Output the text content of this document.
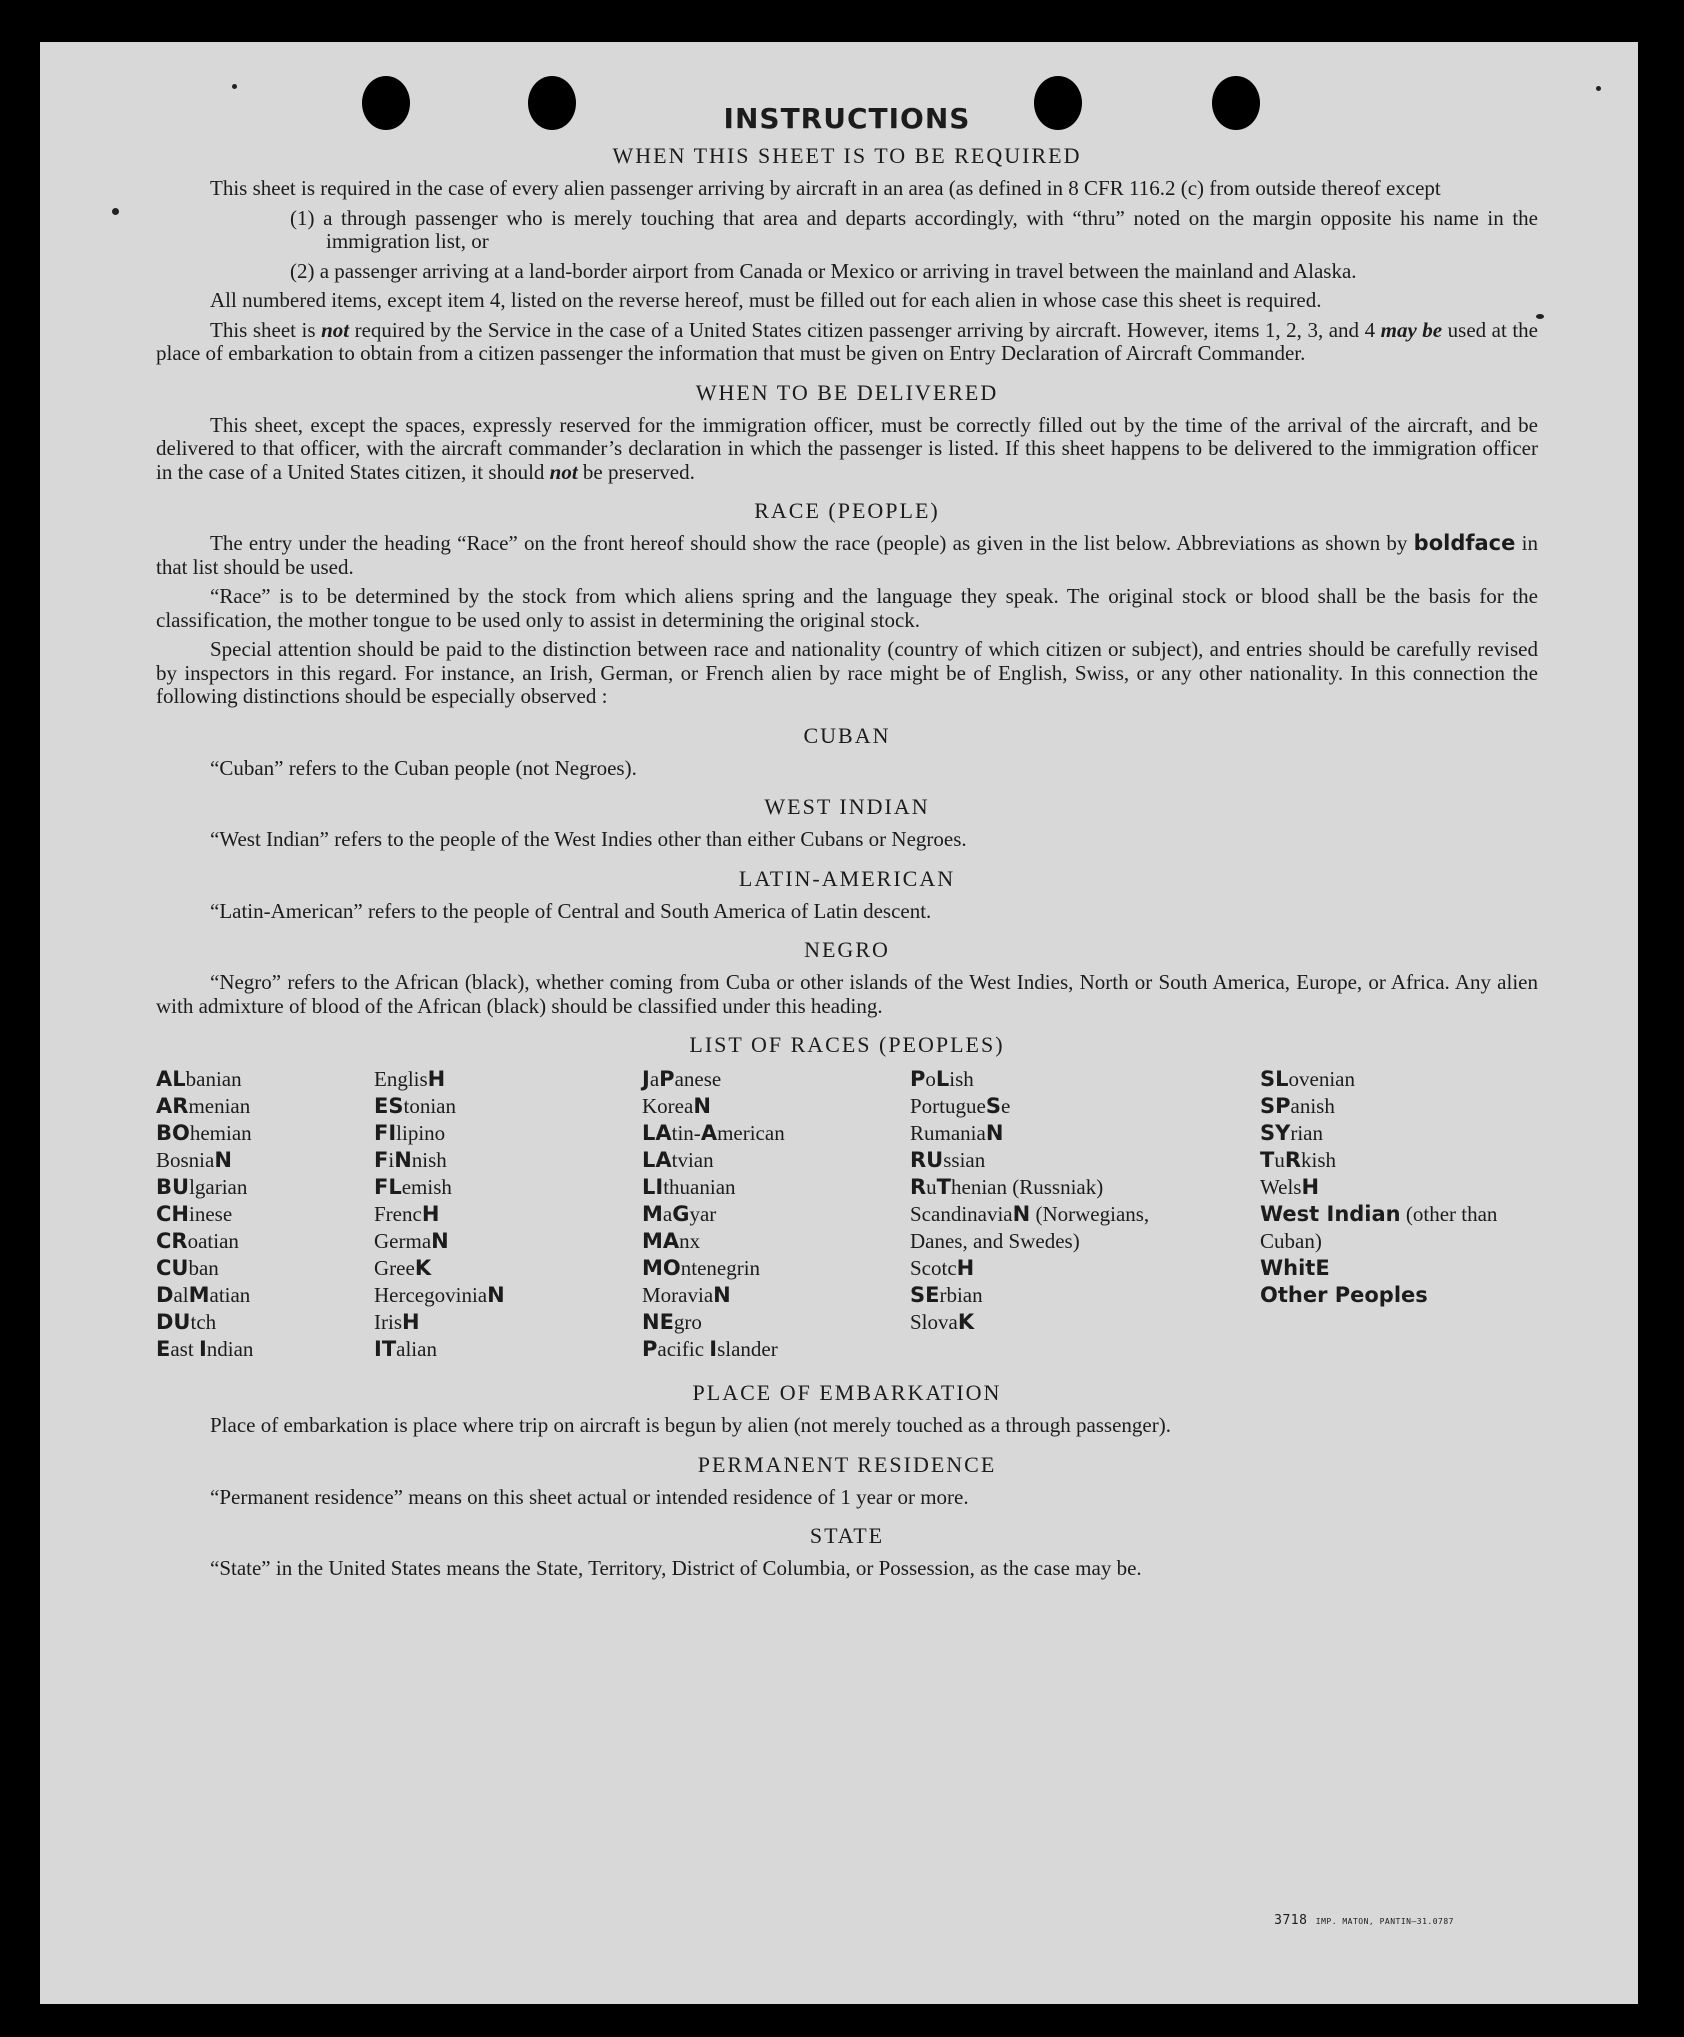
INSTRUCTIONS
WHEN THIS SHEET IS TO BE REQUIRED

This sheet is required in the case of every alien passenger arriving by aircraft in an area (as defined in 8 CFR 116.2 (c) from outside thereof except

(1) a through passenger who is merely touching that area and departs accordingly, with “thru” noted on the margin opposite his name in the immigration list, or
(2) a passenger arriving at a land-border airport from Canada or Mexico or arriving in travel between the mainland and Alaska.

All numbered items, except item 4, listed on the reverse hereof, must be filled out for each alien in whose case this sheet is required.

This sheet is not required by the Service in the case of a United States citizen passenger arriving by aircraft. However, items 1, 2, 3, and 4 may be used at the place of embarkation to obtain from a citizen passenger the information that must be given on Entry Declaration of Aircraft Commander.

WHEN TO BE DELIVERED

This sheet, except the spaces, expressly reserved for the immigration officer, must be correctly filled out by the time of the arrival of the aircraft, and be delivered to that officer, with the aircraft commander’s declaration in which the passenger is listed. If this sheet happens to be delivered to the immigration officer in the case of a United States citizen, it should not be preserved.

RACE (PEOPLE)

The entry under the heading “Race” on the front hereof should show the race (people) as given in the list below. Abbreviations as shown by boldface in that list should be used.

“Race” is to be determined by the stock from which aliens spring and the language they speak. The original stock or blood shall be the basis for the classification, the mother tongue to be used only to assist in determining the original stock.

Special attention should be paid to the distinction between race and nationality (country of which citizen or subject), and entries should be carefully revised by inspectors in this regard. For instance, an Irish, German, or French alien by race might be of English, Swiss, or any other nationality. In this connection the following distinctions should be especially observed :

CUBAN

“Cuban” refers to the Cuban people (not Negroes).

WEST INDIAN

“West Indian” refers to the people of the West Indies other than either Cubans or Negroes.

LATIN-AMERICAN

“Latin-American” refers to the people of Central and South America of Latin descent.

NEGRO

“Negro” refers to the African (black), whether coming from Cuba or other islands of the West Indies, North or South America, Europe, or Africa. Any alien with admixture of blood of the African (black) should be classified under this heading.

LIST OF RACES (PEOPLES)
ALbanian
ARmenian
BOhemian
BosniaN
BUlgarian
CHinese
CRoatian
CUban
DalMatian
DUtch
East Indian
EnglisH
EStonian
FIlipino
FiNnish
FLemish
FrencH
GermaN
GreeK
HercegoviniaN
IrisH
ITalian
JaPanese
KoreaN
LAtin-American
LAtvian
LIthuanian
MaGyar
MAnx
MOntenegrin
MoraviaN
NEgro
Pacific Islander
PoLish
PortugueSe
RumaniaN
RUssian
RuThenian (Russniak)
ScandinaviaN (Norwegians, Danes, and Swedes)
ScotcH
SErbian
SlovaK
SLovenian
SPanish
SYrian
TuRkish
WelsH
West Indian (other than Cuban)
WhitE
Other Peoples
PLACE OF EMBARKATION

Place of embarkation is place where trip on aircraft is begun by alien (not merely touched as a through passenger).

PERMANENT RESIDENCE

“Permanent residence” means on this sheet actual or intended residence of 1 year or more.

STATE

“State” in the United States means the State, Territory, District of Columbia, or Possession, as the case may be.

3718 IMP. MATON, PANTIN–31.0787
